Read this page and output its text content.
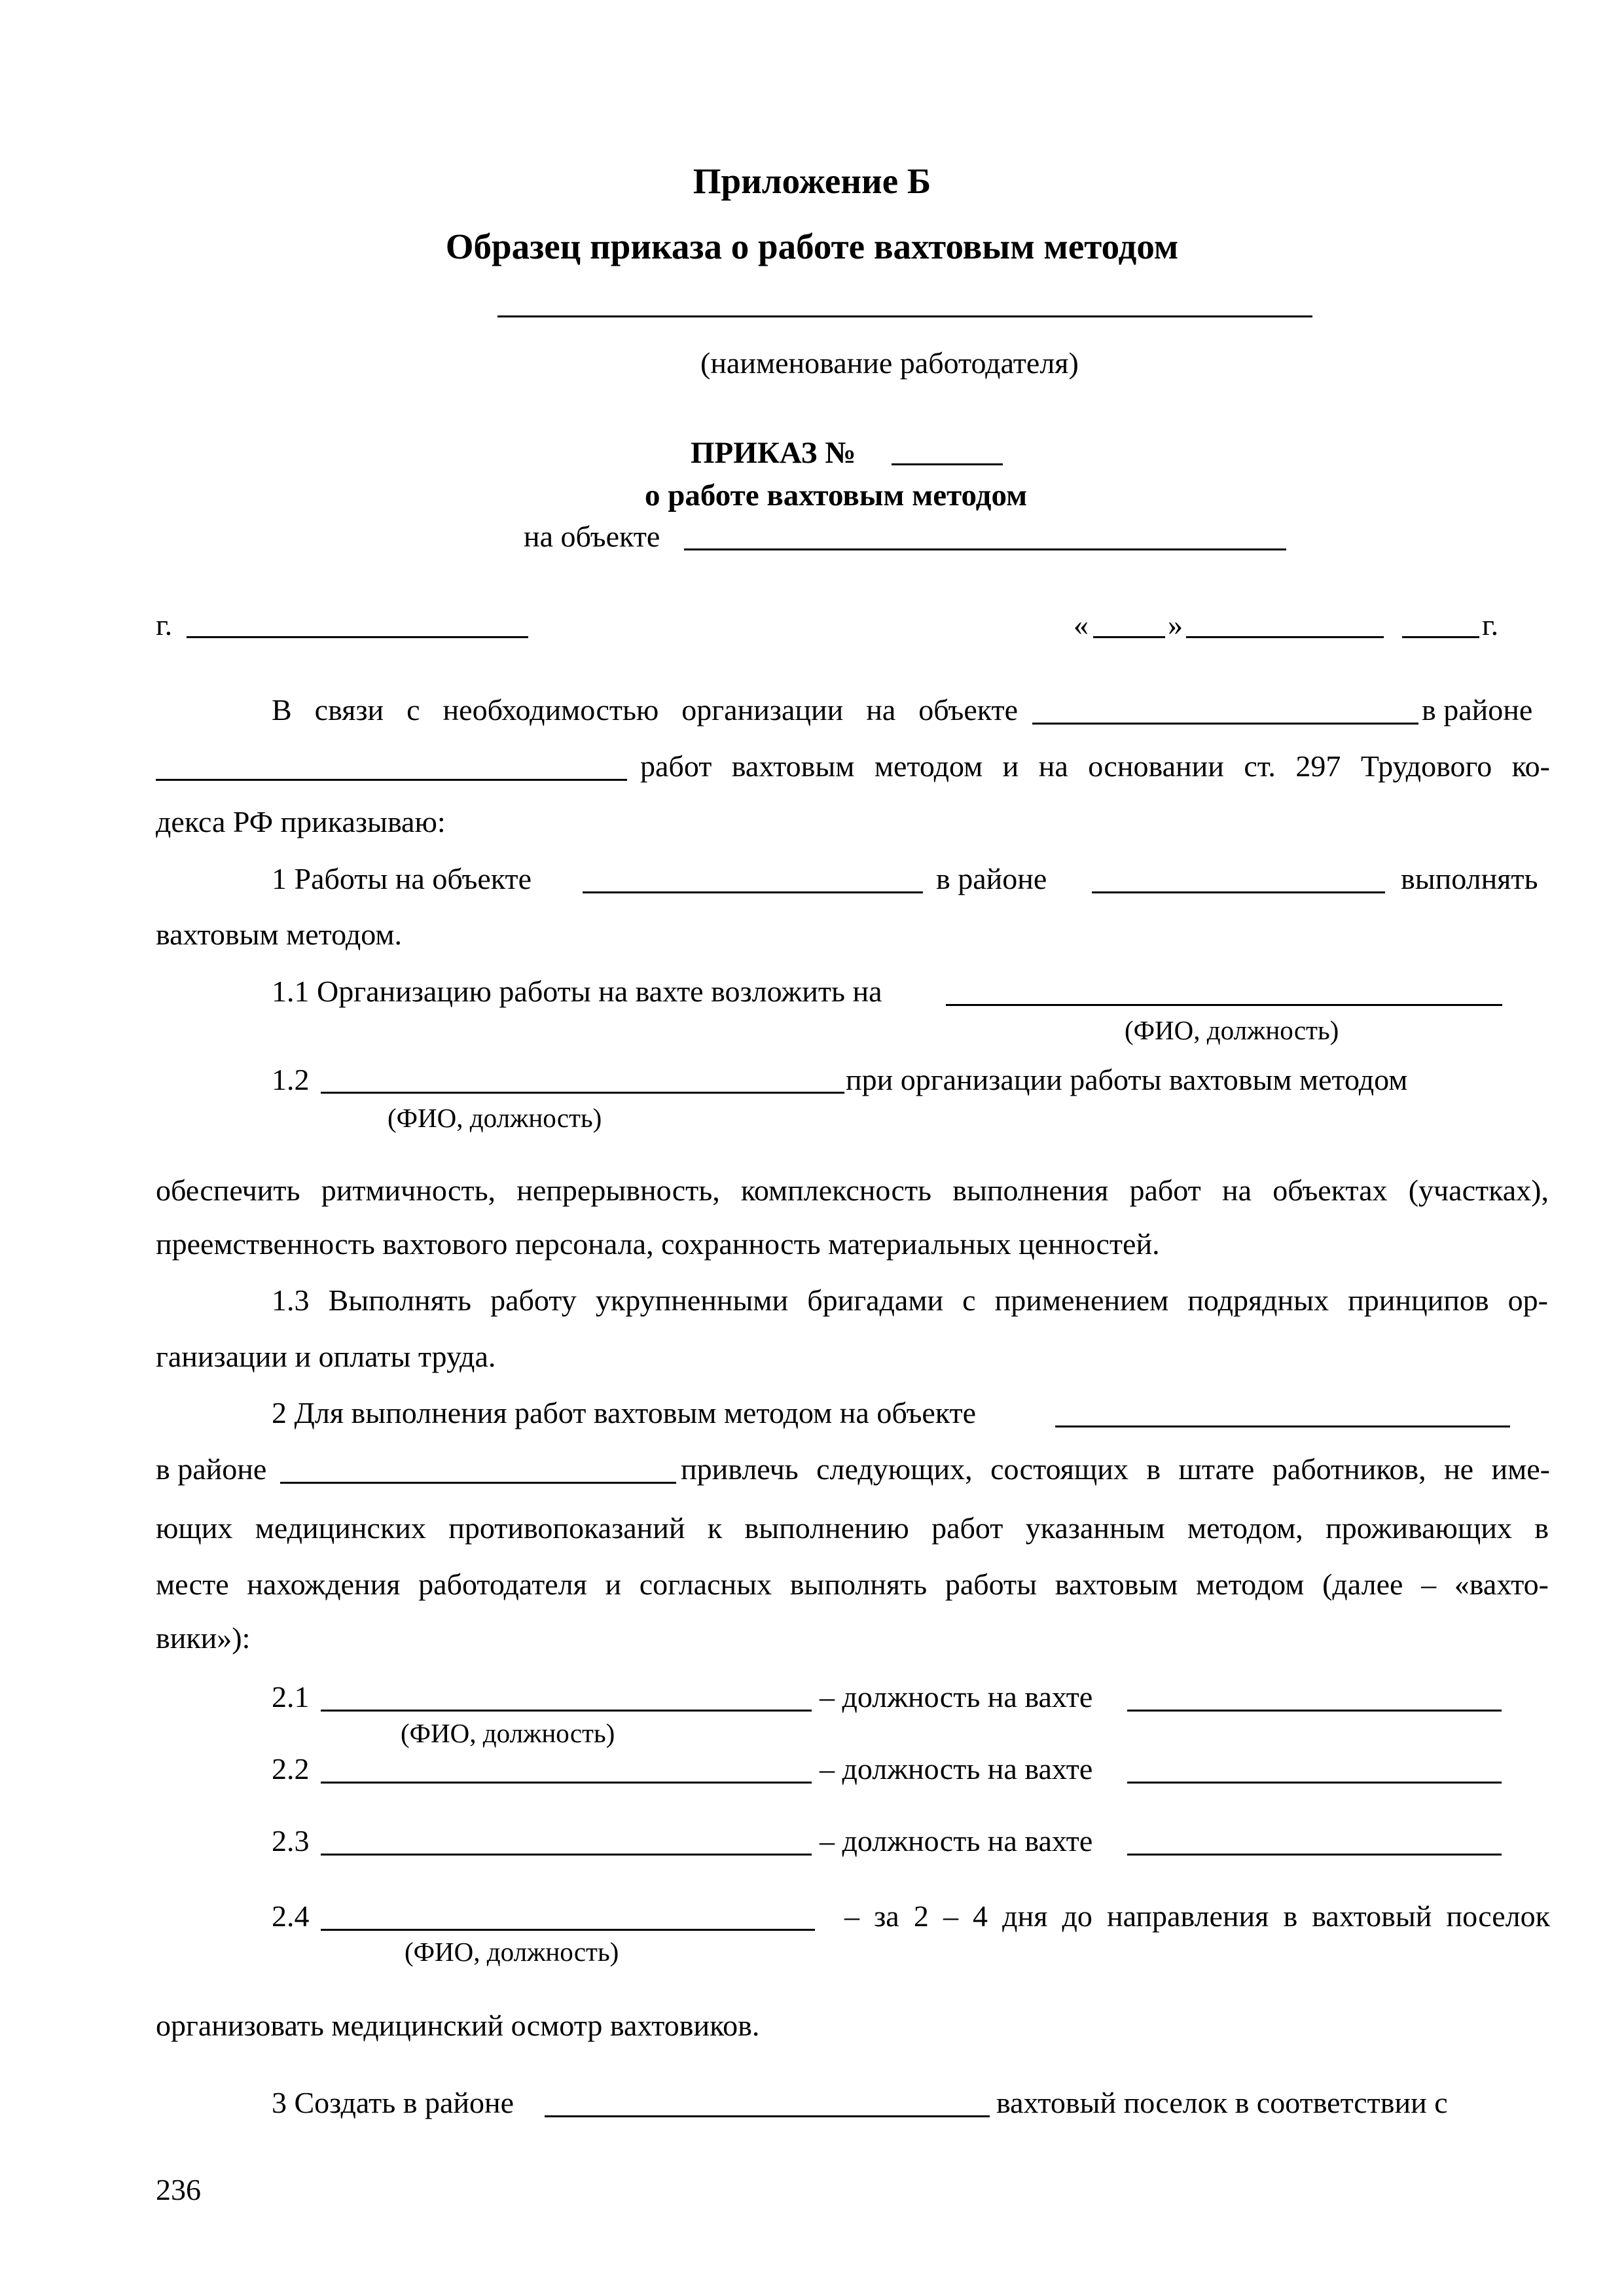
Приложение Б
Образец приказа о работе вахтовым методом
(наименование работодателя)
ПРИКАЗ №
о работе вахтовым методом
на объекте
г.	«	»	г.
В связи с необходимостью организации на объекте	в районе
работ вахтовым методом и на основании ст. 297 Трудового ко-
декса РФ приказываю:
1 Работы на объекте	в районе	выполнять
вахтовым методом.
1.1 Организацию работы на вахте возложить на
(ФИО, должность)
1.2	при организации работы вахтовым методом
(ФИО, должность)
обеспечить ритмичность, непрерывность, комплексность выполнения работ на объектах (участках),
преемственность вахтового персонала, сохранность материальных ценностей.
1.3 Выполнять работу укрупненными бригадами с применением подрядных принципов ор-
ганизации и оплаты труда.
2 Для выполнения работ вахтовым методом на объекте
в районе	привлечь следующих, состоящих в штате работников, не име-
ющих медицинских противопоказаний к выполнению работ указанным методом, проживающих в
месте нахождения работодателя и согласных выполнять работы вахтовым методом (далее – «вахто-
вики»):
2.1	– должность на вахте
(ФИО, должность)
2.2	– должность на вахте
2.3	– должность на вахте
2.4	– за 2 – 4 дня до направления в вахтовый поселок
(ФИО, должность)
организовать медицинский осмотр вахтовиков.
3 Создать в районе	вахтовый поселок в соответствии с
236
